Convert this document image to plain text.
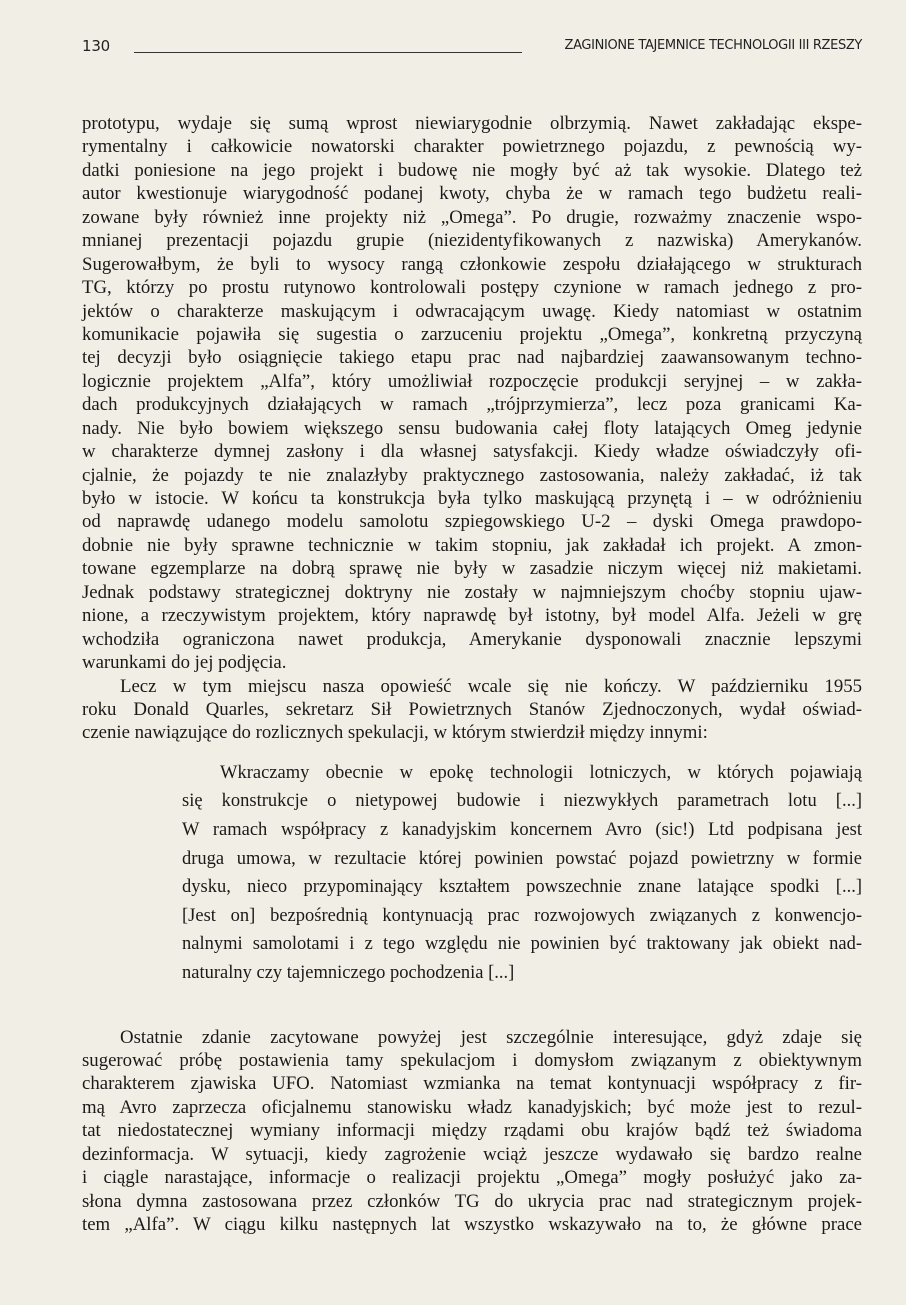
130	ZAGINIONE TAJEMNICE TECHNOLOGII III RZESZY
prototypu, wydaje się sumą wprost niewiarygodnie olbrzymią. Nawet zakładając ekspe-
rymentalny i całkowicie nowatorski charakter powietrznego pojazdu, z pewnością wy-
datki poniesione na jego projekt i budowę nie mogły być aż tak wysokie. Dlatego też
autor kwestionuje wiarygodność podanej kwoty, chyba że w ramach tego budżetu reali-
zowane były również inne projekty niż „Omega”. Po drugie, rozważmy znaczenie wspo-
mnianej prezentacji pojazdu grupie (niezidentyfikowanych z nazwiska) Amerykanów.
Sugerowałbym, że byli to wysocy rangą członkowie zespołu działającego w strukturach
TG, którzy po prostu rutynowo kontrolowali postępy czynione w ramach jednego z pro-
jektów o charakterze maskującym i odwracającym uwagę. Kiedy natomiast w ostatnim
komunikacie pojawiła się sugestia o zarzuceniu projektu „Omega”, konkretną przyczyną
tej decyzji było osiągnięcie takiego etapu prac nad najbardziej zaawansowanym techno-
logicznie projektem „Alfa”, który umożliwiał rozpoczęcie produkcji seryjnej – w zakła-
dach produkcyjnych działających w ramach „trójprzymierza”, lecz poza granicami Ka-
nady. Nie było bowiem większego sensu budowania całej floty latających Omeg jedynie
w charakterze dymnej zasłony i dla własnej satysfakcji. Kiedy władze oświadczyły ofi-
cjalnie, że pojazdy te nie znalazłyby praktycznego zastosowania, należy zakładać, iż tak
było w istocie. W końcu ta konstrukcja była tylko maskującą przynętą i – w odróżnieniu
od naprawdę udanego modelu samolotu szpiegowskiego U-2 – dyski Omega prawdopo-
dobnie nie były sprawne technicznie w takim stopniu, jak zakładał ich projekt. A zmon-
towane egzemplarze na dobrą sprawę nie były w zasadzie niczym więcej niż makietami.
Jednak podstawy strategicznej doktryny nie zostały w najmniejszym choćby stopniu ujaw-
nione, a rzeczywistym projektem, który naprawdę był istotny, był model Alfa. Jeżeli w grę
wchodziła ograniczona nawet produkcja, Amerykanie dysponowali znacznie lepszymi
warunkami do jej podjęcia.
Lecz w tym miejscu nasza opowieść wcale się nie kończy. W październiku 1955
roku Donald Quarles, sekretarz Sił Powietrznych Stanów Zjednoczonych, wydał oświad-
czenie nawiązujące do rozlicznych spekulacji, w którym stwierdził między innymi:
Wkraczamy obecnie w epokę technologii lotniczych, w których pojawiają
się konstrukcje o nietypowej budowie i niezwykłych parametrach lotu [...]
W ramach współpracy z kanadyjskim koncernem Avro (sic!) Ltd podpisana jest
druga umowa, w rezultacie której powinien powstać pojazd powietrzny w formie
dysku, nieco przypominający kształtem powszechnie znane latające spodki [...]
[Jest on] bezpośrednią kontynuacją prac rozwojowych związanych z konwencjo-
nalnymi samolotami i z tego względu nie powinien być traktowany jak obiekt nad-
naturalny czy tajemniczego pochodzenia [...]
Ostatnie zdanie zacytowane powyżej jest szczególnie interesujące, gdyż zdaje się
sugerować próbę postawienia tamy spekulacjom i domysłom związanym z obiektywnym
charakterem zjawiska UFO. Natomiast wzmianka na temat kontynuacji współpracy z fir-
mą Avro zaprzecza oficjalnemu stanowisku władz kanadyjskich; być może jest to rezul-
tat niedostatecznej wymiany informacji między rządami obu krajów bądź też świadoma
dezinformacja. W sytuacji, kiedy zagrożenie wciąż jeszcze wydawało się bardzo realne
i ciągle narastające, informacje o realizacji projektu „Omega” mogły posłużyć jako za-
słona dymna zastosowana przez członków TG do ukrycia prac nad strategicznym projek-
tem „Alfa”. W ciągu kilku następnych lat wszystko wskazywało na to, że główne prace
